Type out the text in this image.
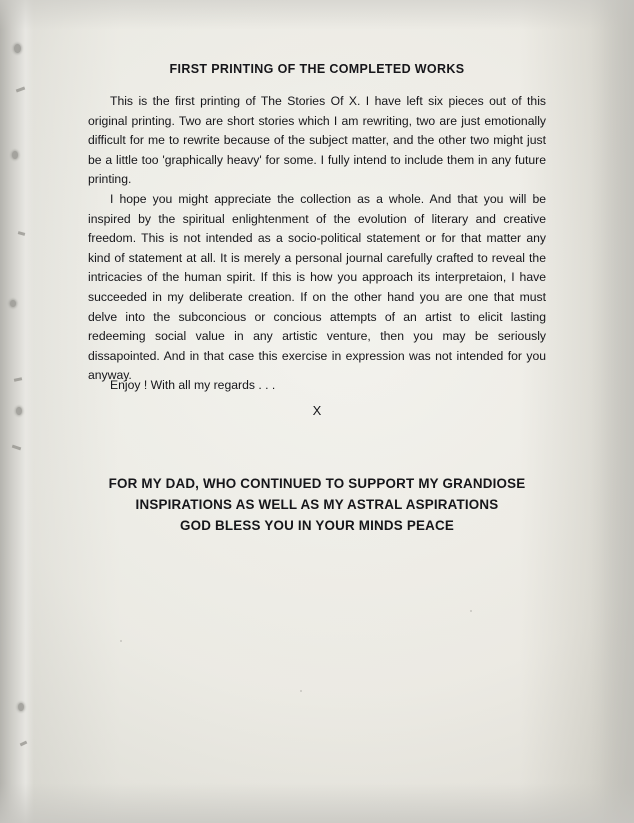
FIRST PRINTING OF THE COMPLETED WORKS

This is the first printing of The Stories Of X. I have left six pieces out of this original printing. Two are short stories which I am rewriting, two are just emotionally difficult for me to rewrite because of the subject matter, and the other two might just be a little too 'graphically heavy' for some. I fully intend to include them in any future printing.

I hope you might appreciate the collection as a whole. And that you will be inspired by the spiritual enlightenment of the evolution of literary and creative freedom. This is not intended as a socio-political statement or for that matter any kind of statement at all. It is merely a personal journal carefully crafted to reveal the intricacies of the human spirit. If this is how you approach its interpretaion, I have succeeded in my deliberate creation. If on the other hand you are one that must delve into the subconcious or concious attempts of an artist to elicit lasting redeeming social value in any artistic venture, then you may be seriously dissapointed. And in that case this exercise in expression was not intended for you anyway.

Enjoy ! With all my regards . . .

X
FOR MY DAD, WHO CONTINUED TO SUPPORT MY GRANDIOSE
INSPIRATIONS AS WELL AS MY ASTRAL ASPIRATIONS
GOD BLESS YOU IN YOUR MINDS PEACE
